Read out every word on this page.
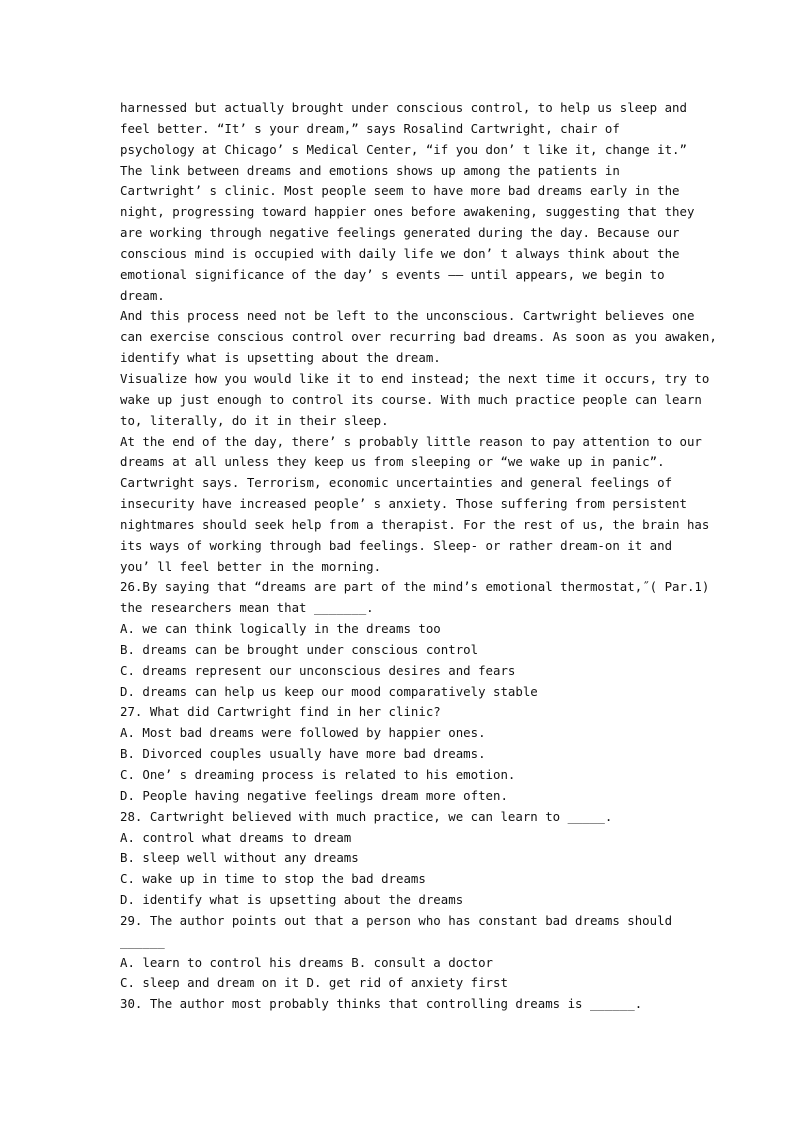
harnessed but actually brought under conscious control, to help us sleep and
feel better. “It’ s your dream,” says Rosalind Cartwright, chair of
psychology at Chicago’ s Medical Center, “if you don’ t like it, change it.”
The link between dreams and emotions shows up among the patients in
Cartwright’ s clinic. Most people seem to have more bad dreams early in the
night, progressing toward happier ones before awakening, suggesting that they
are working through negative feelings generated during the day. Because our
conscious mind is occupied with daily life we don’ t always think about the
emotional significance of the day’ s events —— until appears, we begin to
dream.
And this process need not be left to the unconscious. Cartwright believes one
can exercise conscious control over recurring bad dreams. As soon as you awaken,
identify what is upsetting about the dream.
Visualize how you would like it to end instead; the next time it occurs, try to
wake up just enough to control its course. With much practice people can learn
to, literally, do it in their sleep.
At the end of the day, there’ s probably little reason to pay attention to our
dreams at all unless they keep us from sleeping or “we wake up in panic”.
Cartwright says. Terrorism, economic uncertainties and general feelings of
insecurity have increased people’ s anxiety. Those suffering from persistent
nightmares should seek help from a therapist. For the rest of us, the brain has
its ways of working through bad feelings. Sleep- or rather dream-on it and
you’ ll feel better in the morning.
26.By saying that “dreams are part of the mind’s emotional thermostat,˝( Par.1)
the researchers mean that _______.
A. we can think logically in the dreams too
B. dreams can be brought under conscious control
C. dreams represent our unconscious desires and fears
D. dreams can help us keep our mood comparatively stable
27. What did Cartwright find in her clinic?
A. Most bad dreams were followed by happier ones.
B. Divorced couples usually have more bad dreams.
C. One’ s dreaming process is related to his emotion.
D. People having negative feelings dream more often.
28. Cartwright believed with much practice, we can learn to _____.
A. control what dreams to dream
B. sleep well without any dreams
C. wake up in time to stop the bad dreams
D. identify what is upsetting about the dreams
29. The author points out that a person who has constant bad dreams should
______
A. learn to control his dreams B. consult a doctor
C. sleep and dream on it D. get rid of anxiety first
30. The author most probably thinks that controlling dreams is ______.
